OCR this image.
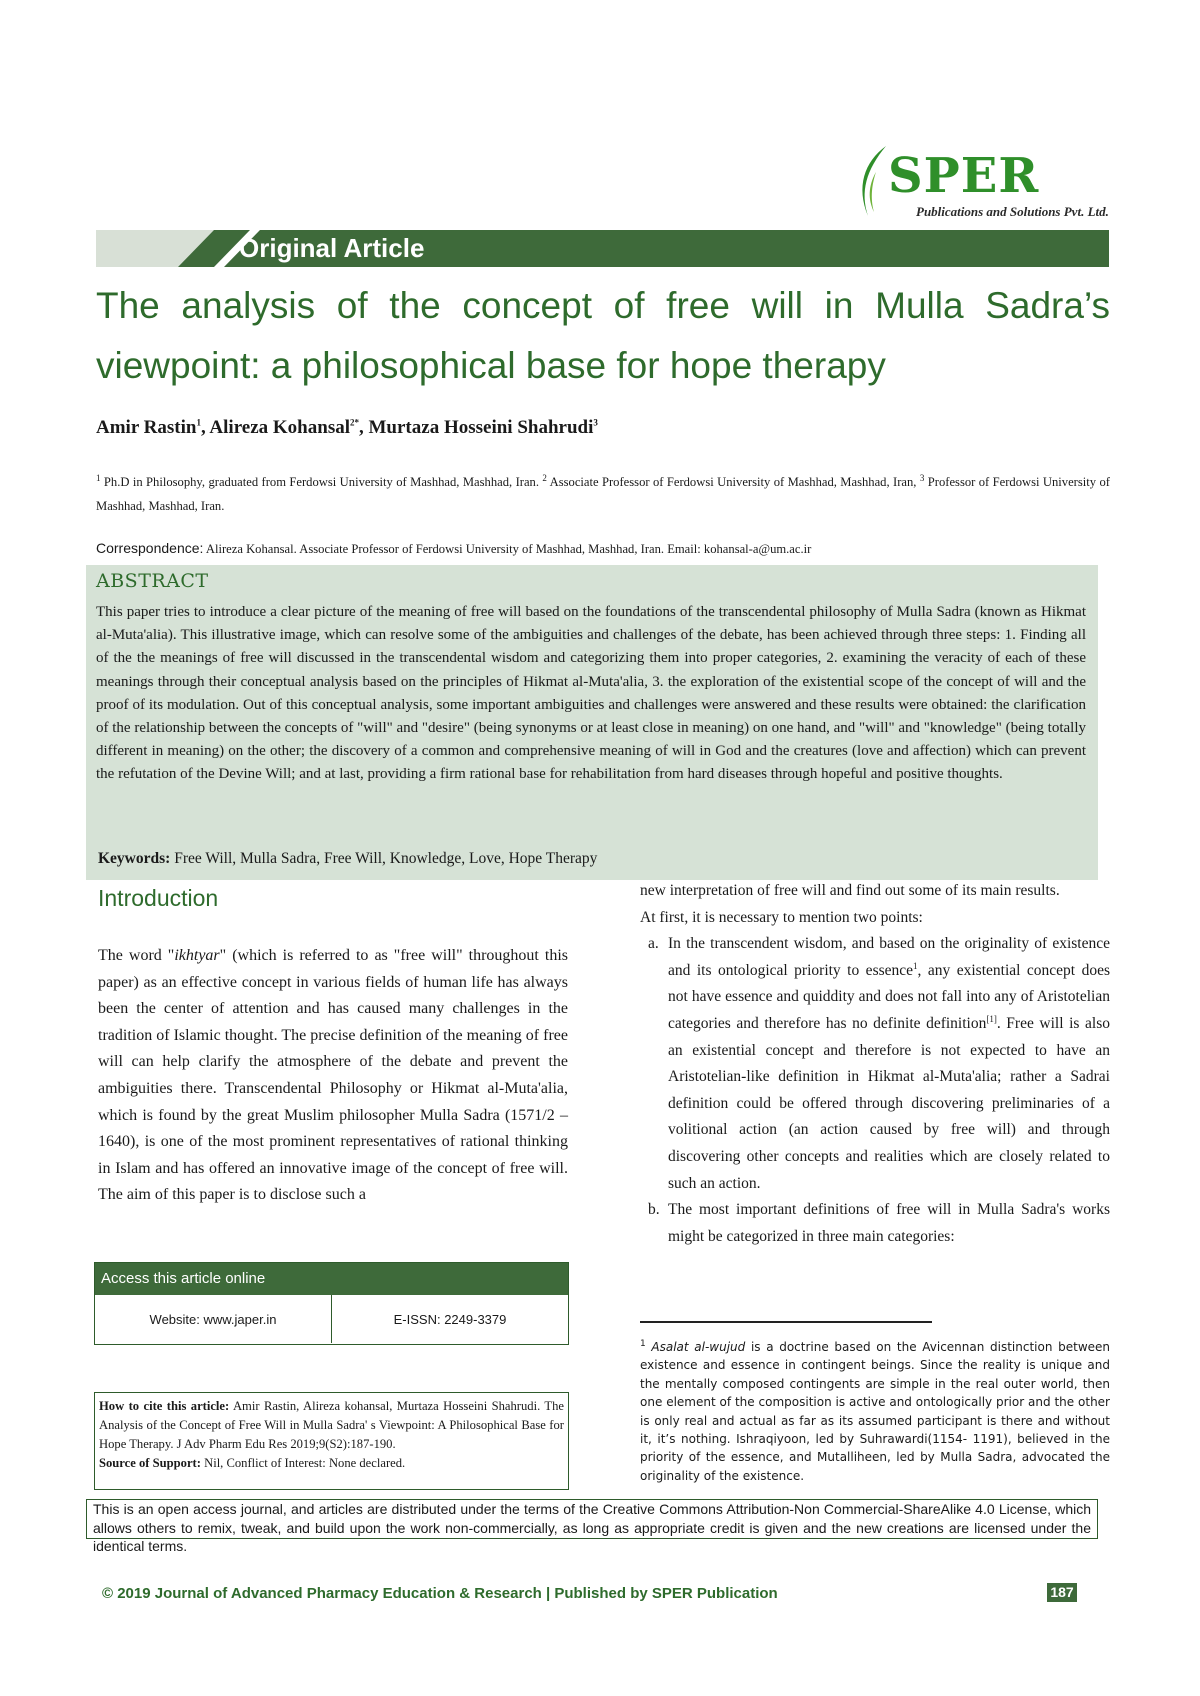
SPER
Publications and Solutions Pvt. Ltd.
Original Article
The analysis of the concept of free will in Mulla Sadra’s viewpoint: a philosophical base for hope therapy
Amir Rastin$^1$, Alireza Kohansal$^{2*}$, Murtaza Hosseini Shahrudi$^3$
$^1$ Ph.D in Philosophy, graduated from Ferdowsi University of Mashhad, Mashhad, Iran. $^2$ Associate Professor of Ferdowsi University of Mashhad, Mashhad, Iran, $^3$ Professor of Ferdowsi University of Mashhad, Mashhad, Iran.
Correspondence: Alireza Kohansal. Associate Professor of Ferdowsi University of Mashhad, Mashhad, Iran. Email: kohansal-a@um.ac.ir
ABSTRACT
This paper tries to introduce a clear picture of the meaning of free will based on the foundations of the transcendental philosophy of Mulla Sadra (known as Hikmat al-Muta'alia). This illustrative image, which can resolve some of the ambiguities and challenges of the debate, has been achieved through three steps: 1. Finding all of the the meanings of free will discussed in the transcendental wisdom and categorizing them into proper categories, 2. examining the veracity of each of these meanings through their conceptual analysis based on the principles of Hikmat al-Muta'alia, 3. the exploration of the existential scope of the concept of will and the proof of its modulation. Out of this conceptual analysis, some important ambiguities and challenges were answered and these results were obtained: the clarification of the relationship between the concepts of "will" and "desire" (being synonyms or at least close in meaning) on one hand, and "will" and "knowledge" (being totally different in meaning) on the other; the discovery of a common and comprehensive meaning of will in God and the creatures (love and affection) which can prevent the refutation of the Devine Will; and at last, providing a firm rational base for rehabilitation from hard diseases through hopeful and positive thoughts.
Keywords: Free Will, Mulla Sadra, Free Will, Knowledge, Love, Hope Therapy
Introduction
The word "ikhtyar" (which is referred to as "free will" throughout this paper) as an effective concept in various fields of human life has always been the center of attention and has caused many challenges in the tradition of Islamic thought. The precise definition of the meaning of free will can help clarify the atmosphere of the debate and prevent the ambiguities there. Transcendental Philosophy or Hikmat al-Muta'alia, which is found by the great Muslim philosopher Mulla Sadra (1571/2 – 1640), is one of the most prominent representatives of rational thinking in Islam and has offered an innovative image of the concept of free will. The aim of this paper is to disclose such a
Access this article online
Website: www.japer.in	E-ISSN: 2249-3379
How to cite this article: Amir Rastin, Alireza kohansal, Murtaza Hosseini Shahrudi. The Analysis of the Concept of Free Will in Mulla Sadra' s Viewpoint: A Philosophical Base for Hope Therapy. J Adv Pharm Edu Res 2019;9(S2):187-190.
Source of Support: Nil, Conflict of Interest: None declared.

new interpretation of free will and find out some of its main results.

At first, it is necessary to mention two points:

a. In the transcendent wisdom, and based on the originality of existence and its ontological priority to essence$^1$, any existential concept does not have essence and quiddity and does not fall into any of Aristotelian categories and therefore has no definite definition[1]. Free will is also an existential concept and therefore is not expected to have an Aristotelian-like definition in Hikmat al-Muta'alia; rather a Sadrai definition could be offered through discovering preliminaries of a volitional action (an action caused by free will) and through discovering other concepts and realities which are closely related to such an action.
b. The most important definitions of free will in Mulla Sadra's works might be categorized in three main categories:
$^1$ Asalat al-wujud is a doctrine based on the Avicennan distinction between existence and essence in contingent beings. Since the reality is unique and the mentally composed contingents are simple in the real outer world, then one element of the composition is active and ontologically prior and the other is only real and actual as far as its assumed participant is there and without it, it’s nothing. Ishraqiyoon, led by Suhrawardi(1154- 1191), believed in the priority of the essence, and Mutalliheen, led by Mulla Sadra, advocated the originality of the existence.
This is an open access journal, and articles are distributed under the terms of the Creative Commons Attribution-Non Commercial-ShareAlike 4.0 License, which allows others to remix, tweak, and build upon the work non-commercially, as long as appropriate credit is given and the new creations are licensed under the identical terms.
© 2019 Journal of Advanced Pharmacy Education & Research | Published by SPER Publication	187
